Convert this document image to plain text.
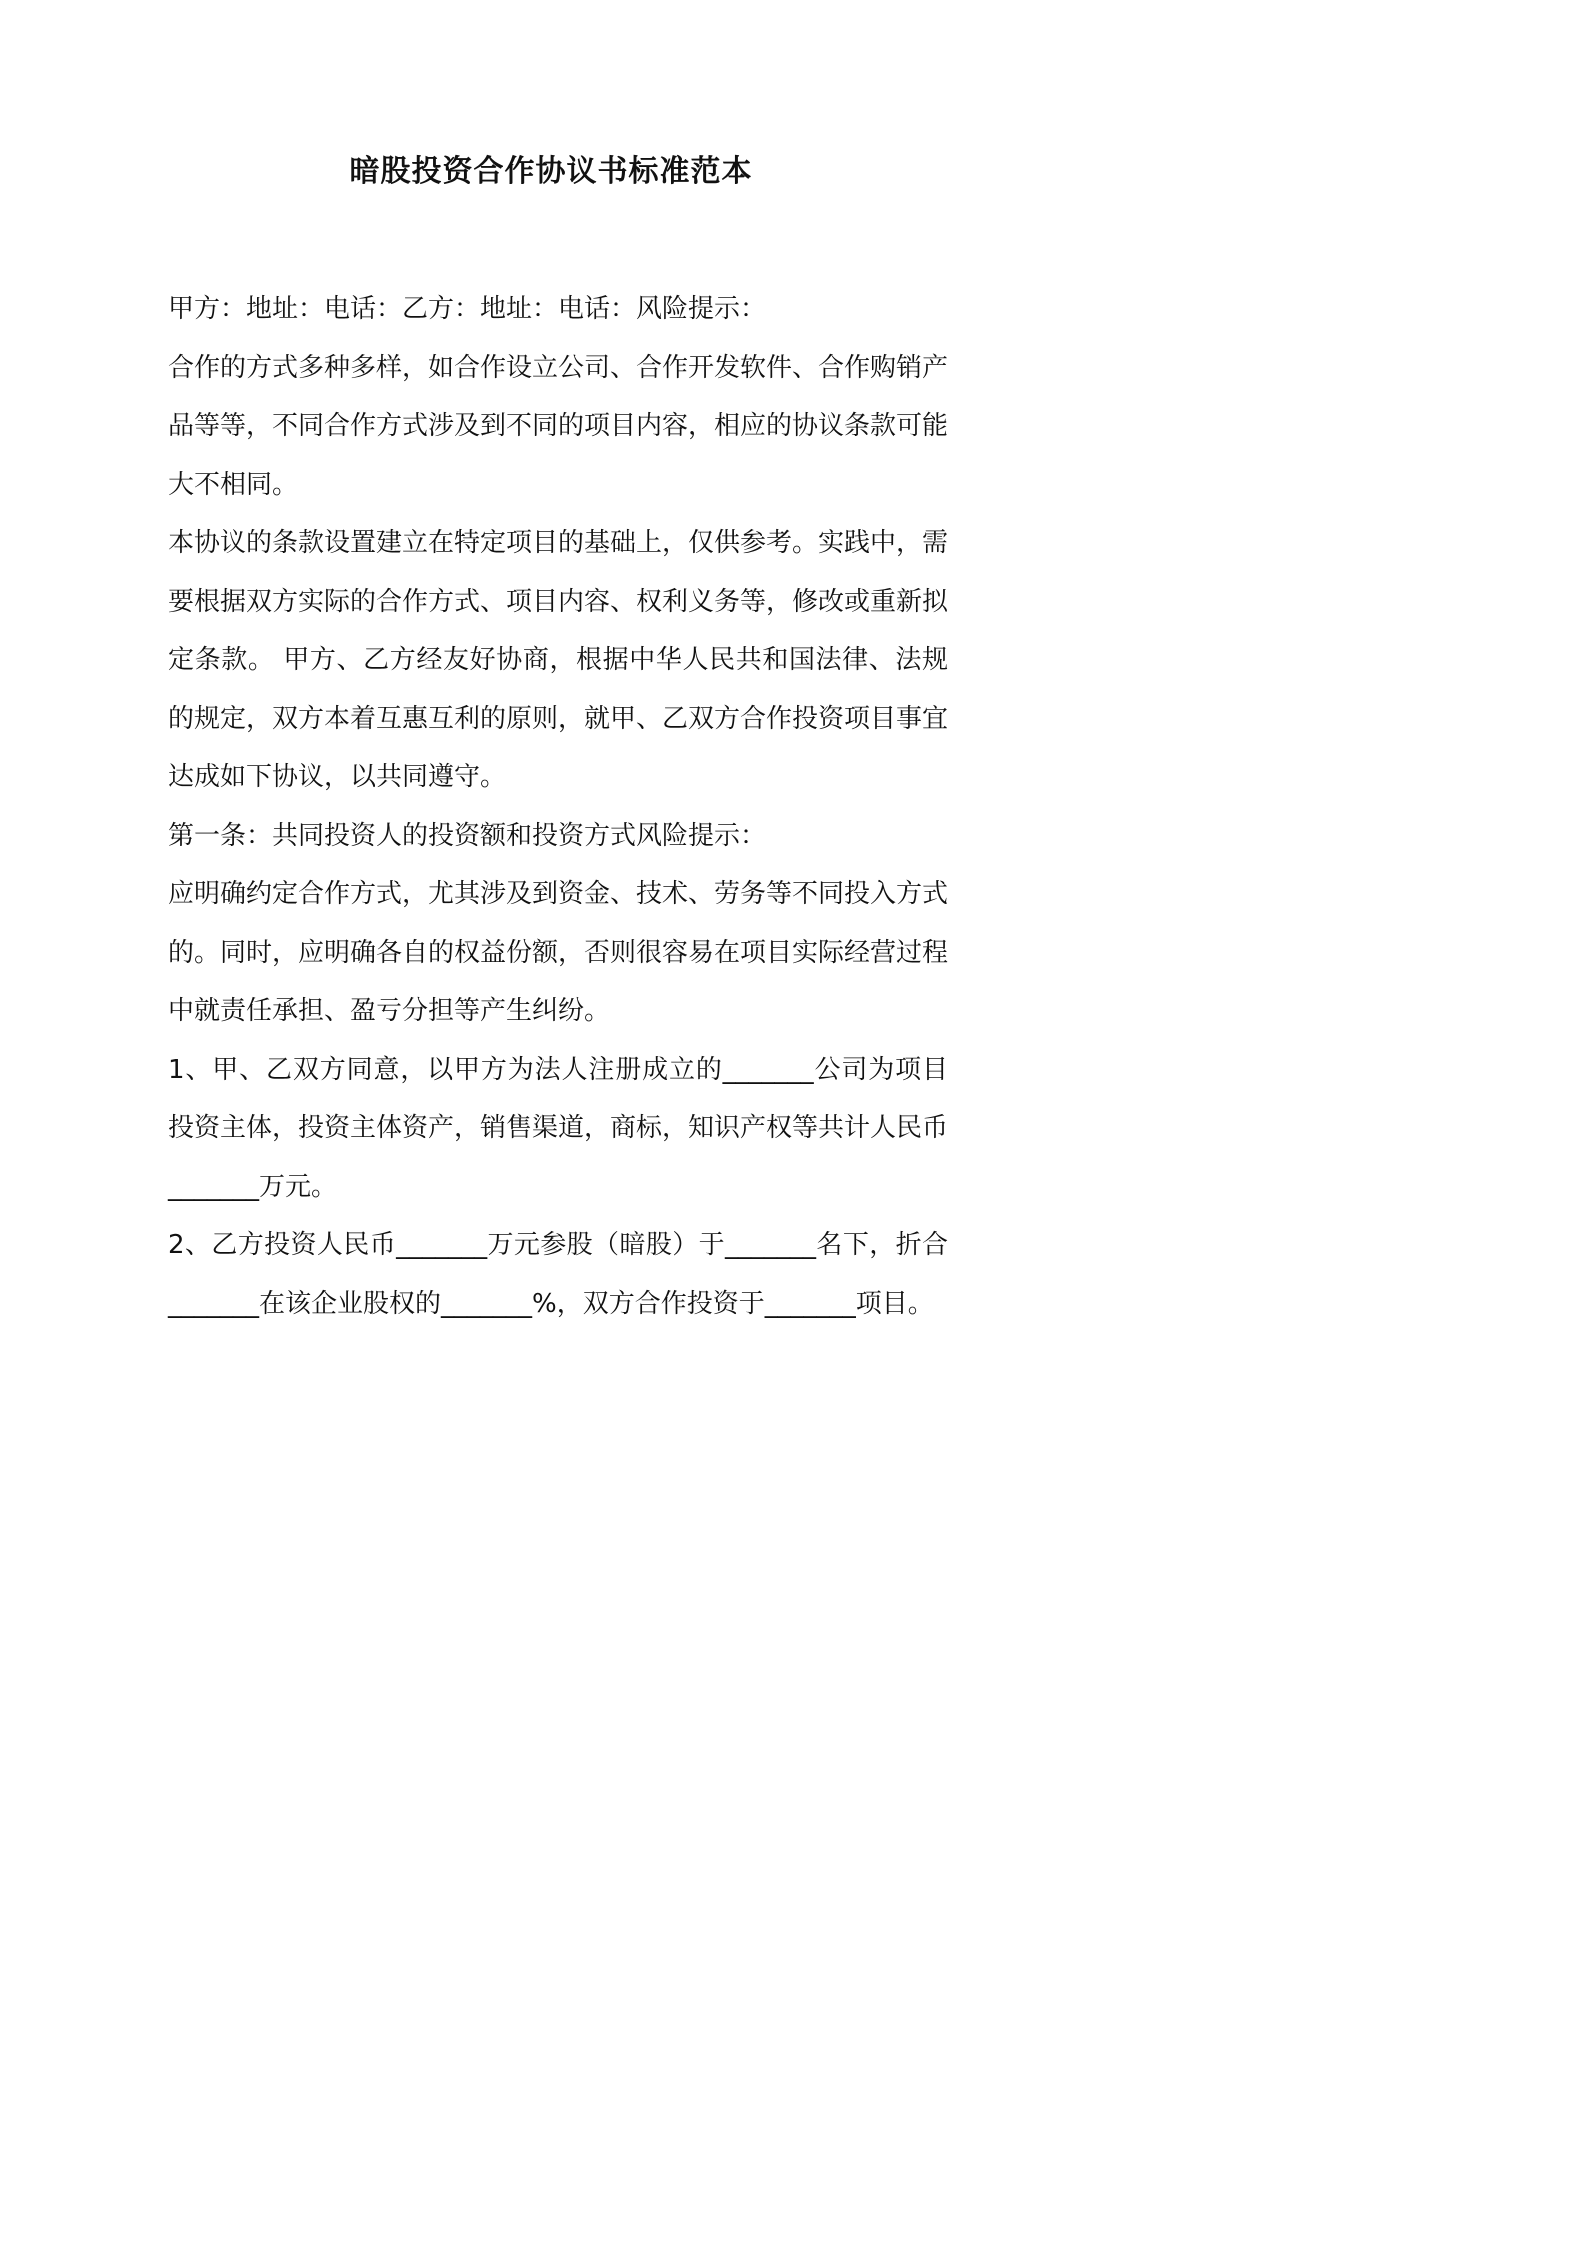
暗股投资合作协议书标准范本

甲方：地址：电话：乙方：地址：电话：风险提示：

合作的方式多种多样，如合作设立公司、合作开发软件、合作购销产品等等，不同合作方式涉及到不同的项目内容，相应的协议条款可能大不相同。

本协议的条款设置建立在特定项目的基础上，仅供参考。实践中，需要根据双方实际的合作方式、项目内容、权利义务等，修改或重新拟定条款。 甲方、乙方经友好协商，根据中华人民共和国法律、法规的规定，双方本着互惠互利的原则，就甲、乙双方合作投资项目事宜达成如下协议，以共同遵守。

第一条：共同投资人的投资额和投资方式风险提示：

应明确约定合作方式，尤其涉及到资金、技术、劳务等不同投入方式的。同时，应明确各自的权益份额，否则很容易在项目实际经营过程中就责任承担、盈亏分担等产生纠纷。

1、甲、乙双方同意，以甲方为法人注册成立的_______公司为项目投资主体，投资主体资产，销售渠道，商标，知识产权等共计人民币_______万元。

2、乙方投资人民币_______万元参股（暗股）于_______名下，折合_______在该企业股权的_______%，双方合作投资于_______项目。
